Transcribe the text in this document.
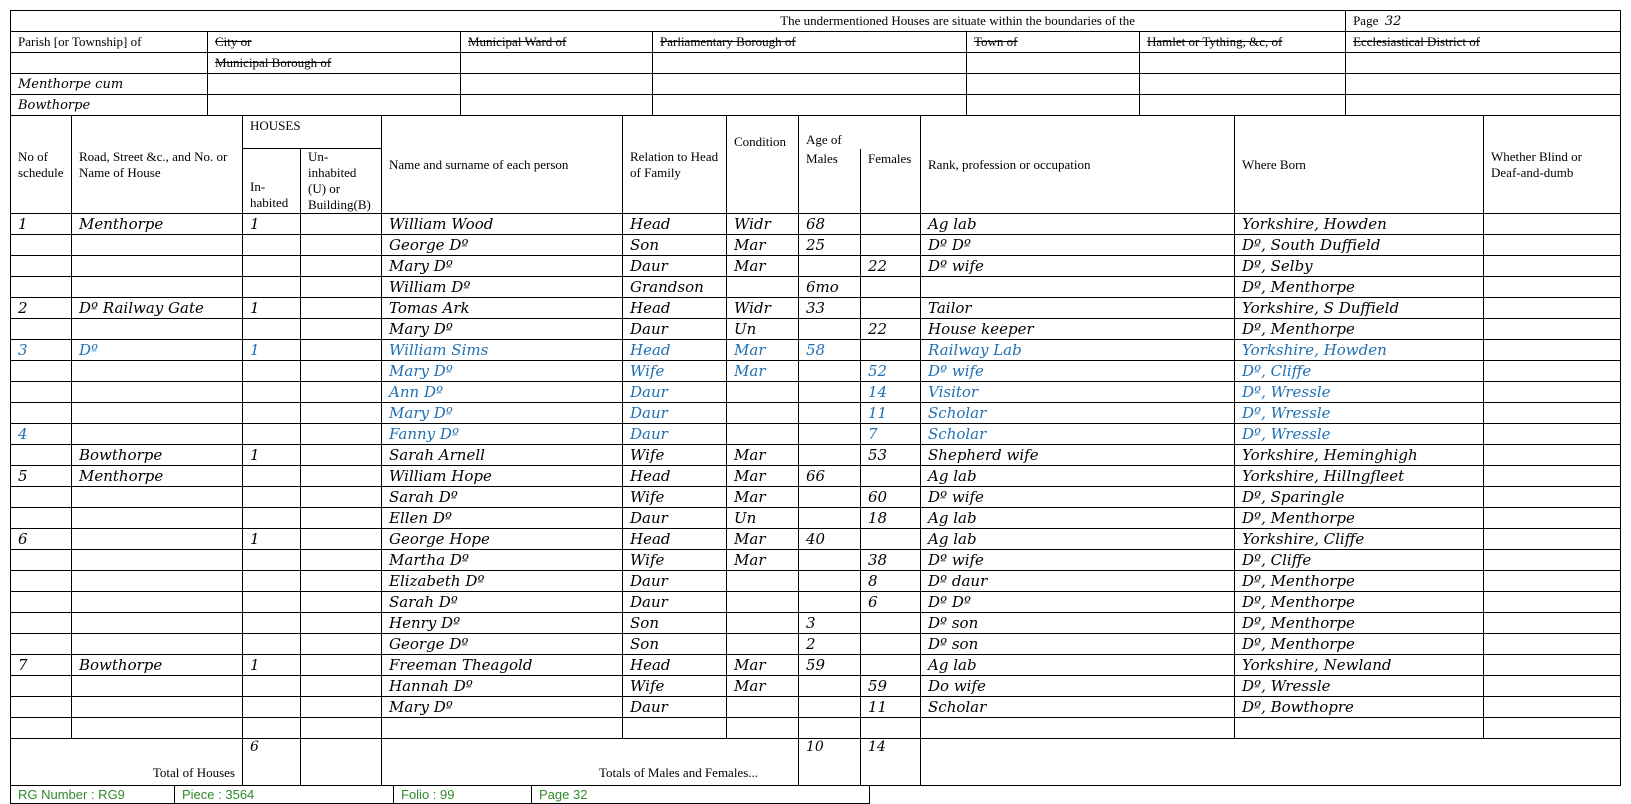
The undermentioned Houses are situate within the boundaries of the						Page 32
Parish [or Township] of	City or	Municipal Ward of	Parliamentary Borough of	Town of	Hamlet or Tything, &c, of	Ecclesiastical District of
	Municipal Borough of					
Menthorpe cum						
Bowthorpe						
No of schedule	Road, Street &c., and No. or Name of House	HOUSES		Name and surname of each person	Relation to Head of Family	Condition	Age of		Rank, profession or occupation	Where Born	Whether Blind or Deaf-and-dumb
		In-habited	Un-inhabited (U) or Building(B)				Males	Females			
1	Menthorpe	1		William Wood	Head	Widr	68		Ag lab	Yorkshire, Howden	
				George Dº	Son	Mar	25		Dº Dº	Dº, South Duffield	
				Mary Dº	Daur	Mar		22	Dº wife	Dº, Selby	
				William Dº	Grandson		6mo			Dº, Menthorpe	
2	Dº Railway Gate	1		Tomas Ark	Head	Widr	33		Tailor	Yorkshire, S Duffield	
				Mary Dº	Daur	Un		22	House keeper	Dº, Menthorpe	
3	Dº	1		William Sims	Head	Mar	58		Railway Lab	Yorkshire, Howden	
				Mary Dº	Wife	Mar		52	Dº wife	Dº, Cliffe	
				Ann Dº	Daur			14	Visitor	Dº, Wressle	
				Mary Dº	Daur			11	Scholar	Dº, Wressle	
4				Fanny Dº	Daur			7	Scholar	Dº, Wressle	
	Bowthorpe	1		Sarah Arnell	Wife	Mar		53	Shepherd wife	Yorkshire, Heminghigh	
5	Menthorpe			William Hope	Head	Mar	66		Ag lab	Yorkshire, Hillngfleet	
				Sarah Dº	Wife	Mar		60	Dº wife	Dº, Sparingle	
				Ellen Dº	Daur	Un		18	Ag lab	Dº, Menthorpe	
6		1		George Hope	Head	Mar	40		Ag lab	Yorkshire, Cliffe	
				Martha Dº	Wife	Mar		38	Dº wife	Dº, Cliffe	
				Elizabeth Dº	Daur			8	Dº daur	Dº, Menthorpe	
				Sarah Dº	Daur			6	Dº Dº	Dº, Menthorpe	
				Henry Dº	Son		3		Dº son	Dº, Menthorpe	
				George Dº	Son		2		Dº son	Dº, Menthorpe	
7	Bowthorpe	1		Freeman Theagold	Head	Mar	59		Ag lab	Yorkshire, Newland	
				Hannah Dº	Wife	Mar		59	Do wife	Dº, Wressle	
				Mary Dº	Daur			11	Scholar	Dº, Bowthopre	

Total of Houses		6		Totals of Males and Females...			10	14			
RG Number : RG9	Piece : 3564	Folio : 99	Page 32
